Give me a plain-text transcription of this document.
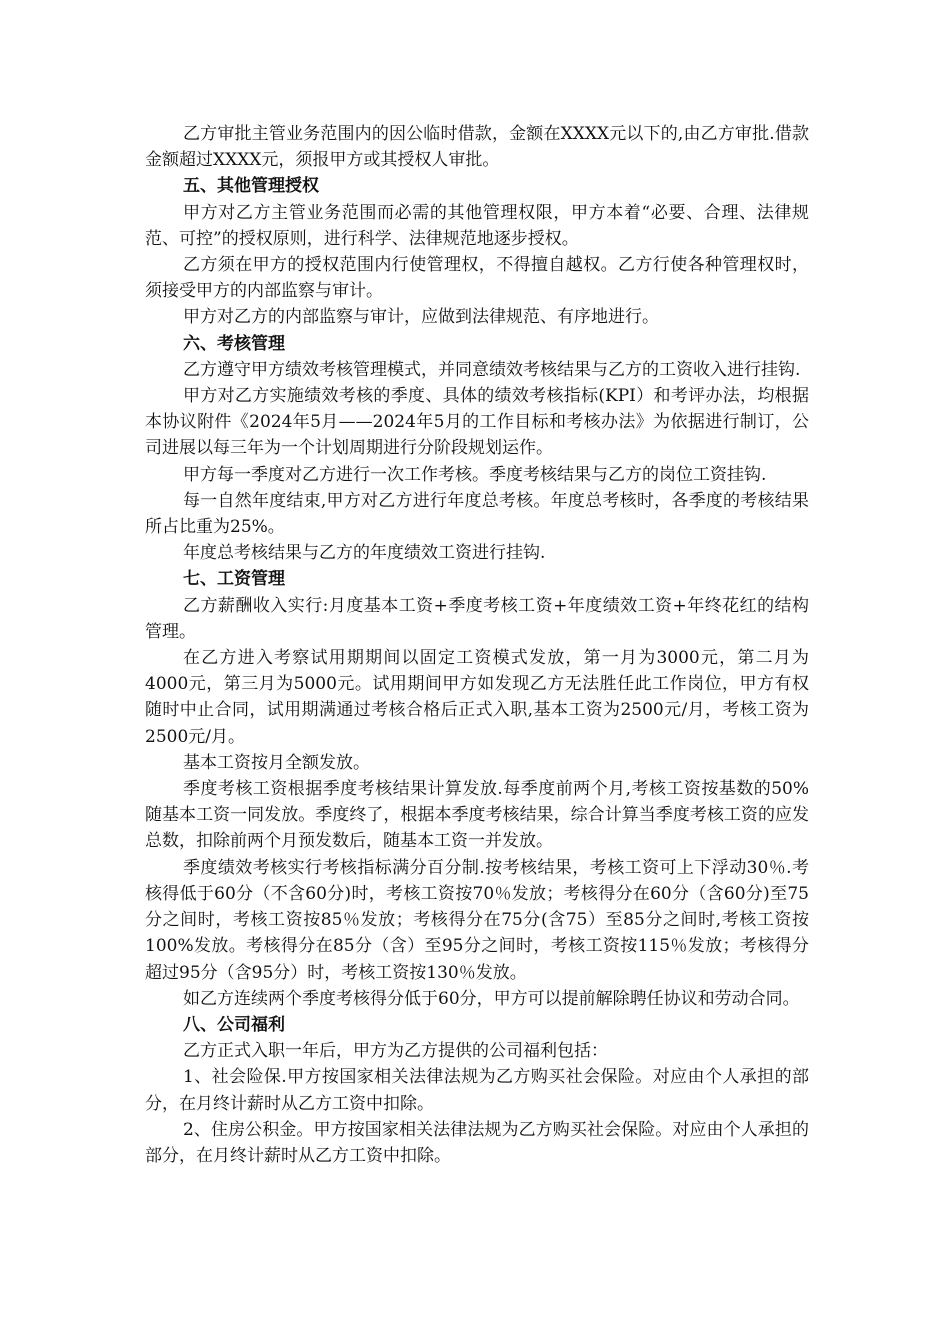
乙方审批主管业务范围内的因公临时借款，金额在XXXX元以下的,由乙方审批.借款金额超过XXXX元，须报甲方或其授权人审批。

五、其他管理授权

甲方对乙方主管业务范围而必需的其他管理权限，甲方本着“必要、合理、法律规范、可控”的授权原则，进行科学、法律规范地逐步授权。

乙方须在甲方的授权范围内行使管理权，不得擅自越权。乙方行使各种管理权时，须接受甲方的内部监察与审计。

甲方对乙方的内部监察与审计，应做到法律规范、有序地进行。

六、考核管理

乙方遵守甲方绩效考核管理模式，并同意绩效考核结果与乙方的工资收入进行挂钩.

甲方对乙方实施绩效考核的季度、具体的绩效考核指标(KPI）和考评办法，均根据本协议附件《2024年5月——2024年5月的工作目标和考核办法》为依据进行制订，公司进展以每三年为一个计划周期进行分阶段规划运作。

甲方每一季度对乙方进行一次工作考核。季度考核结果与乙方的岗位工资挂钩.

每一自然年度结束,甲方对乙方进行年度总考核。年度总考核时，各季度的考核结果所占比重为25%。

年度总考核结果与乙方的年度绩效工资进行挂钩.

七、工资管理

乙方薪酬收入实行:月度基本工资+季度考核工资+年度绩效工资+年终花红的结构管理。

在乙方进入考察试用期期间以固定工资模式发放，第一月为3000元，第二月为4000元，第三月为5000元。试用期间甲方如发现乙方无法胜任此工作岗位，甲方有权随时中止合同，试用期满通过考核合格后正式入职,基本工资为2500元/月，考核工资为2500元/月。

基本工资按月全额发放。

季度考核工资根据季度考核结果计算发放.每季度前两个月,考核工资按基数的50%随基本工资一同发放。季度终了，根据本季度考核结果，综合计算当季度考核工资的应发总数，扣除前两个月预发数后，随基本工资一并发放。

季度绩效考核实行考核指标满分百分制.按考核结果，考核工资可上下浮动30％.考核得低于60分（不含60分)时，考核工资按70％发放；考核得分在60分（含60分)至75分之间时，考核工资按85％发放；考核得分在75分(含75）至85分之间时,考核工资按100%发放。考核得分在85分（含）至95分之间时，考核工资按115％发放；考核得分超过95分（含95分）时，考核工资按130％发放。

如乙方连续两个季度考核得分低于60分，甲方可以提前解除聘任协议和劳动合同。

八、公司福利

乙方正式入职一年后，甲方为乙方提供的公司福利包括：

1、社会险保.甲方按国家相关法律法规为乙方购买社会保险。对应由个人承担的部分，在月终计薪时从乙方工资中扣除。

2、住房公积金。甲方按国家相关法律法规为乙方购买社会保险。对应由个人承担的部分，在月终计薪时从乙方工资中扣除。
